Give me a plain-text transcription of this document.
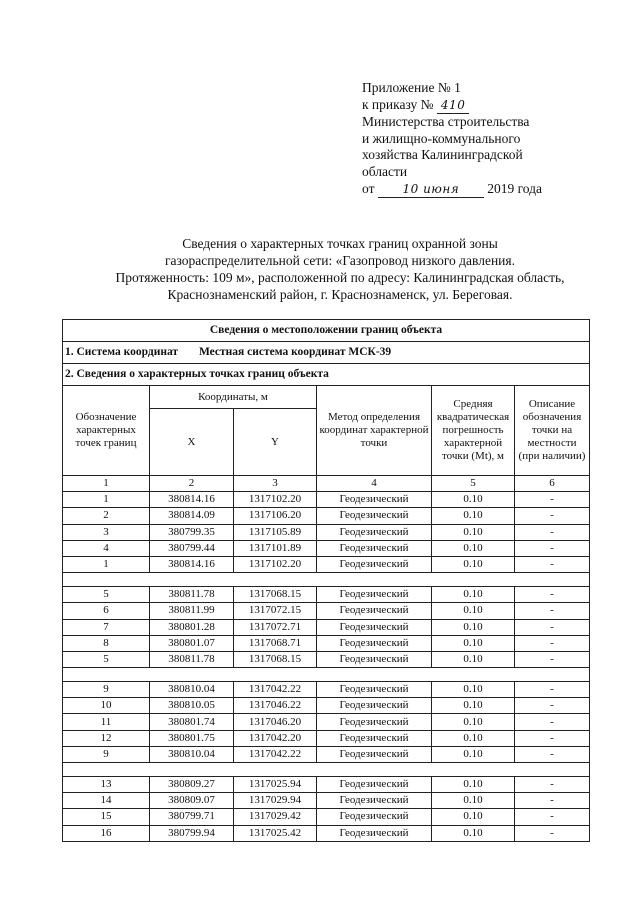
Приложение № 1
к приказу № 410
Министерства строительства
и жилищно-коммунального
хозяйства Калининградской
области
от 10 июня 2019 года
Сведения о характерных точках границ охранной зоны
газораспределительной сети: «Газопровод низкого давления.
Протяженность: 109 м», расположенной по адресу: Калининградская область,
Краснознаменский район, г. Краснознаменск, ул. Береговая.
Сведения о местоположении границ объекта					
1. Система координат Местная система координат МСК-39					
2. Сведения о характерных точках границ объекта					
Обозначение характерных точек границ	Координаты, м		Метод определения координат характерной точки	Средняя квадратическая погрешность характерной точки (Mt), м	Описание обозначения точки на местности (при наличии)
	X	Y			
1	2	3	4	5	6
1	380814.16	1317102.20	Геодезический	0.10	-
2	380814.09	1317106.20	Геодезический	0.10	-
3	380799.35	1317105.89	Геодезический	0.10	-
4	380799.44	1317101.89	Геодезический	0.10	-
1	380814.16	1317102.20	Геодезический	0.10	-

5	380811.78	1317068.15	Геодезический	0.10	-
6	380811.99	1317072.15	Геодезический	0.10	-
7	380801.28	1317072.71	Геодезический	0.10	-
8	380801.07	1317068.71	Геодезический	0.10	-
5	380811.78	1317068.15	Геодезический	0.10	-

9	380810.04	1317042.22	Геодезический	0.10	-
10	380810.05	1317046.22	Геодезический	0.10	-
11	380801.74	1317046.20	Геодезический	0.10	-
12	380801.75	1317042.20	Геодезический	0.10	-
9	380810.04	1317042.22	Геодезический	0.10	-

13	380809.27	1317025.94	Геодезический	0.10	-
14	380809.07	1317029.94	Геодезический	0.10	-
15	380799.71	1317029.42	Геодезический	0.10	-
16	380799.94	1317025.42	Геодезический	0.10	-
